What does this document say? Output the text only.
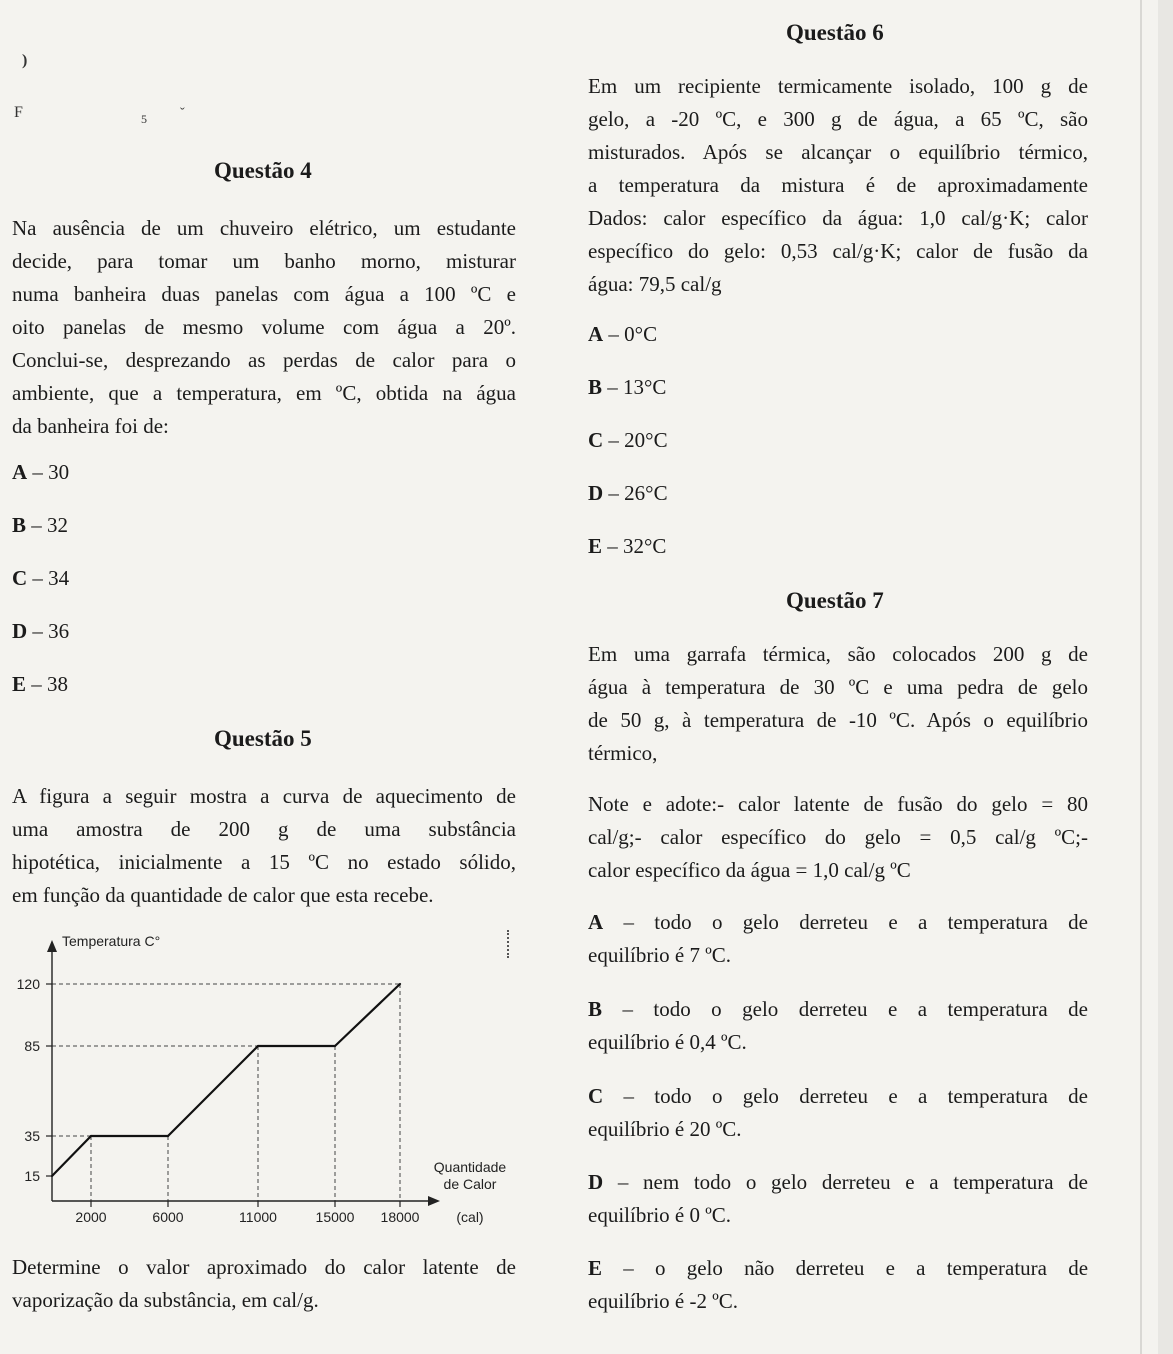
)
F	5 ˇ
Questão 4
Na ausência de um chuveiro elétrico, um estudante
decide, para tomar um banho morno, misturar
numa banheira duas panelas com água a 100 ºC e
oito panelas de mesmo volume com água a 20º.
Conclui-se, desprezando as perdas de calor para o
ambiente, que a temperatura, em ºC, obtida na água
da banheira foi de:
A – 30
B – 32
C – 34
D – 36
E – 38
Questão 5
A figura a seguir mostra a curva de aquecimento de
uma amostra de 200 g de uma substância
hipotética, inicialmente a 15 ºC no estado sólido,
em função da quantidade de calor que esta recebe.
15
35
85
120
2000	6000	11000	15000 18000
Temperatura C°
Quantidade
de Calor
(cal)
Determine o valor aproximado do calor latente de
vaporização da substância, em cal/g.
Questão 6
Em um recipiente termicamente isolado, 100 g de
gelo, a -20 ºC, e 300 g de água, a 65 ºC, são
misturados. Após se alcançar o equilíbrio térmico,
a temperatura da mistura é de aproximadamente
Dados: calor específico da água: 1,0 cal/g·K; calor
específico do gelo: 0,53 cal/g·K; calor de fusão da
água: 79,5 cal/g
A – 0°C
B – 13°C
C – 20°C
D – 26°C
E – 32°C
Questão 7
Em uma garrafa térmica, são colocados 200 g de
água à temperatura de 30 ºC e uma pedra de gelo
de 50 g, à temperatura de -10 ºC. Após o equilíbrio
térmico,
Note e adote:- calor latente de fusão do gelo = 80
cal/g;- calor específico do gelo = 0,5 cal/g ºC;-
calor específico da água = 1,0 cal/g ºC
A – todo o gelo derreteu e a temperatura de
equilíbrio é 7 ºC.
B – todo o gelo derreteu e a temperatura de
equilíbrio é 0,4 ºC.
C – todo o gelo derreteu e a temperatura de
equilíbrio é 20 ºC.
D – nem todo o gelo derreteu e a temperatura de
equilíbrio é 0 ºC.
E – o gelo não derreteu e a temperatura de
equilíbrio é -2 ºC.
